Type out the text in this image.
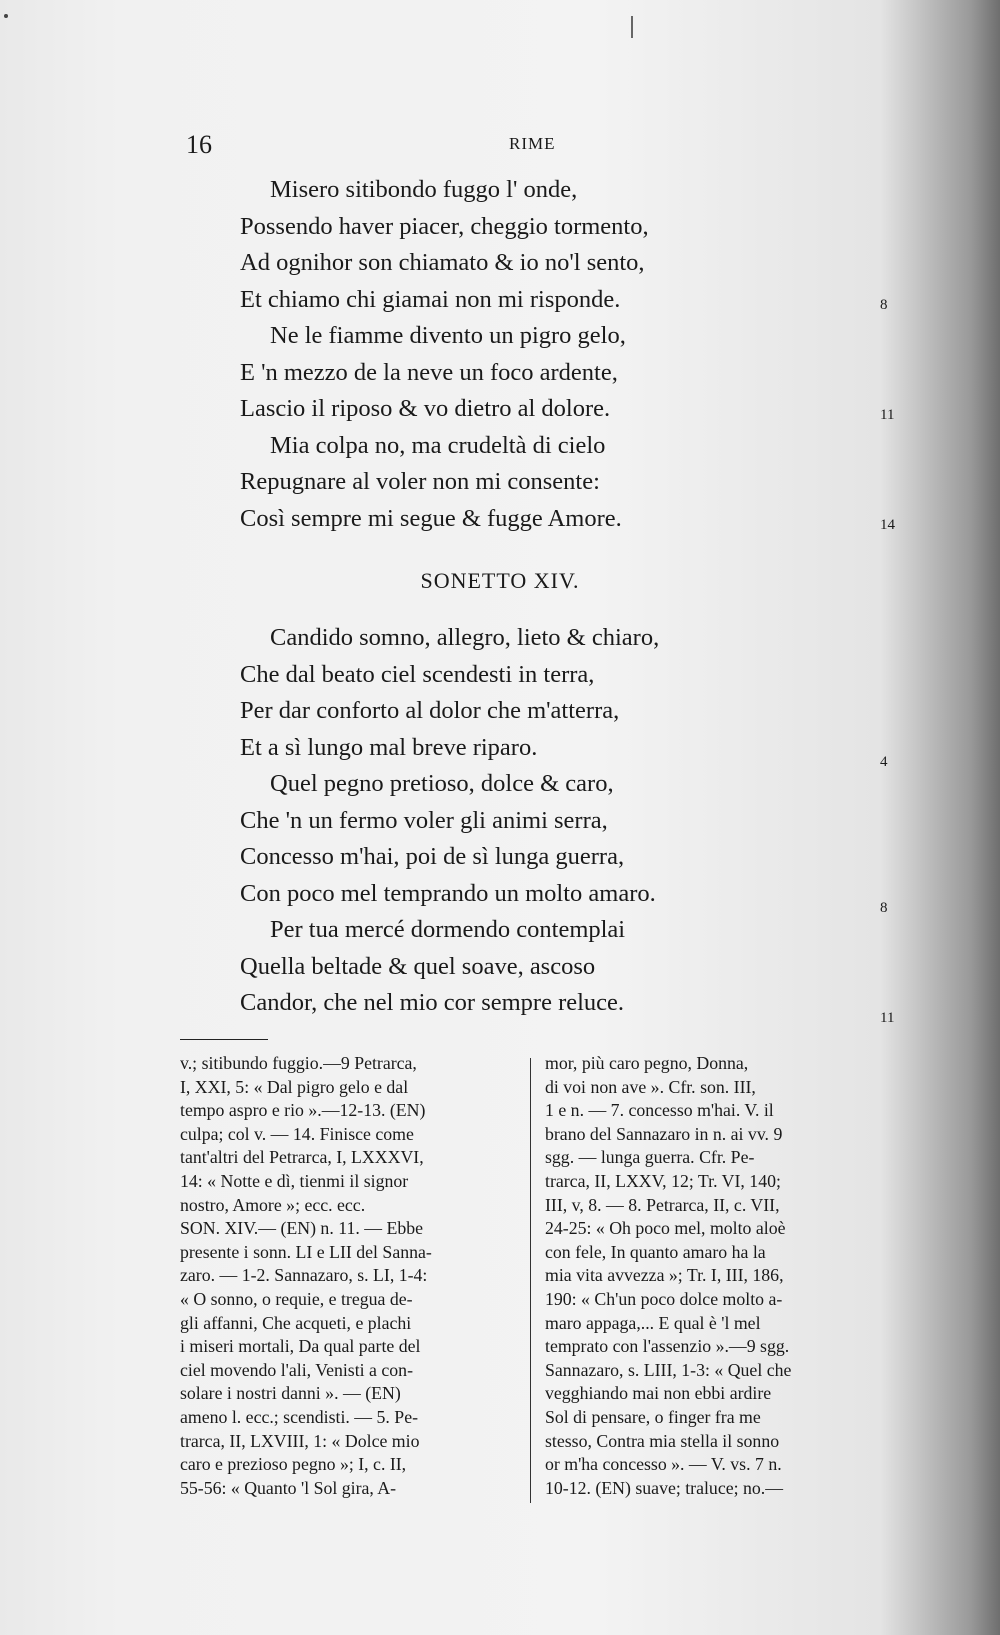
16	RIME
Misero sitibondo fuggo l' onde,
Possendo haver piacer, cheggio tormento,
Ad ognihor son chiamato & io no'l sento,
Et chiamo chi giamai non mi risponde.
Ne le fiamme divento un pigro gelo,
E 'n mezzo de la neve un foco ardente,
Lascio il riposo & vo dietro al dolore.
Mia colpa no, ma crudeltà di cielo
Repugnare al voler non mi consente:
Così sempre mi segue & fugge Amore.
8
11
14
SONETTO XIV.
Candido somno, allegro, lieto & chiaro,
Che dal beato ciel scendesti in terra,
Per dar conforto al dolor che m'atterra,
Et a sì lungo mal breve riparo.
Quel pegno pretioso, dolce & caro,
Che 'n un fermo voler gli animi serra,
Concesso m'hai, poi de sì lunga guerra,
Con poco mel temprando un molto amaro.
Per tua mercé dormendo contemplai
Quella beltade & quel soave, ascoso
Candor, che nel mio cor sempre reluce.
4
8
11
v.; sitibundo fuggio.—9 Petrarca,
I, XXI, 5: « Dal pigro gelo e dal
tempo aspro e rio ».—12-13. (EN)
culpa; col v. — 14. Finisce come
tant'altri del Petrarca, I, LXXXVI,
14: « Notte e dì, tienmi il signor
nostro, Amore »; ecc. ecc.
SON. XIV.— (EN) n. 11. — Ebbe
presente i sonn. LI e LII del Sanna-
zaro. — 1-2. Sannazaro, s. LI, 1-4:
« O sonno, o requie, e tregua de-
gli affanni, Che acqueti, e plachi
i miseri mortali, Da qual parte del
ciel movendo l'ali, Venisti a con-
solare i nostri danni ». — (EN)
ameno l. ecc.; scendisti. — 5. Pe-
trarca, II, LXVIII, 1: « Dolce mio
caro e prezioso pegno »; I, c. II,
55-56: « Quanto 'l Sol gira, A-
mor, più caro pegno, Donna,
di voi non ave ». Cfr. son. III,
1 e n. — 7. concesso m'hai. V. il
brano del Sannazaro in n. ai vv. 9
sgg. — lunga guerra. Cfr. Pe-
trarca, II, LXXV, 12; Tr. VI, 140;
III, v, 8. — 8. Petrarca, II, c. VII,
24-25: « Oh poco mel, molto aloè
con fele, In quanto amaro ha la
mia vita avvezza »; Tr. I, III, 186,
190: « Ch'un poco dolce molto a-
maro appaga,... E qual è 'l mel
temprato con l'assenzio ».—9 sgg.
Sannazaro, s. LIII, 1-3: « Quel che
vegghiando mai non ebbi ardire
Sol di pensare, o finger fra me
stesso, Contra mia stella il sonno
or m'ha concesso ». — V. vs. 7 n.
10-12. (EN) suave; traluce; no.—
